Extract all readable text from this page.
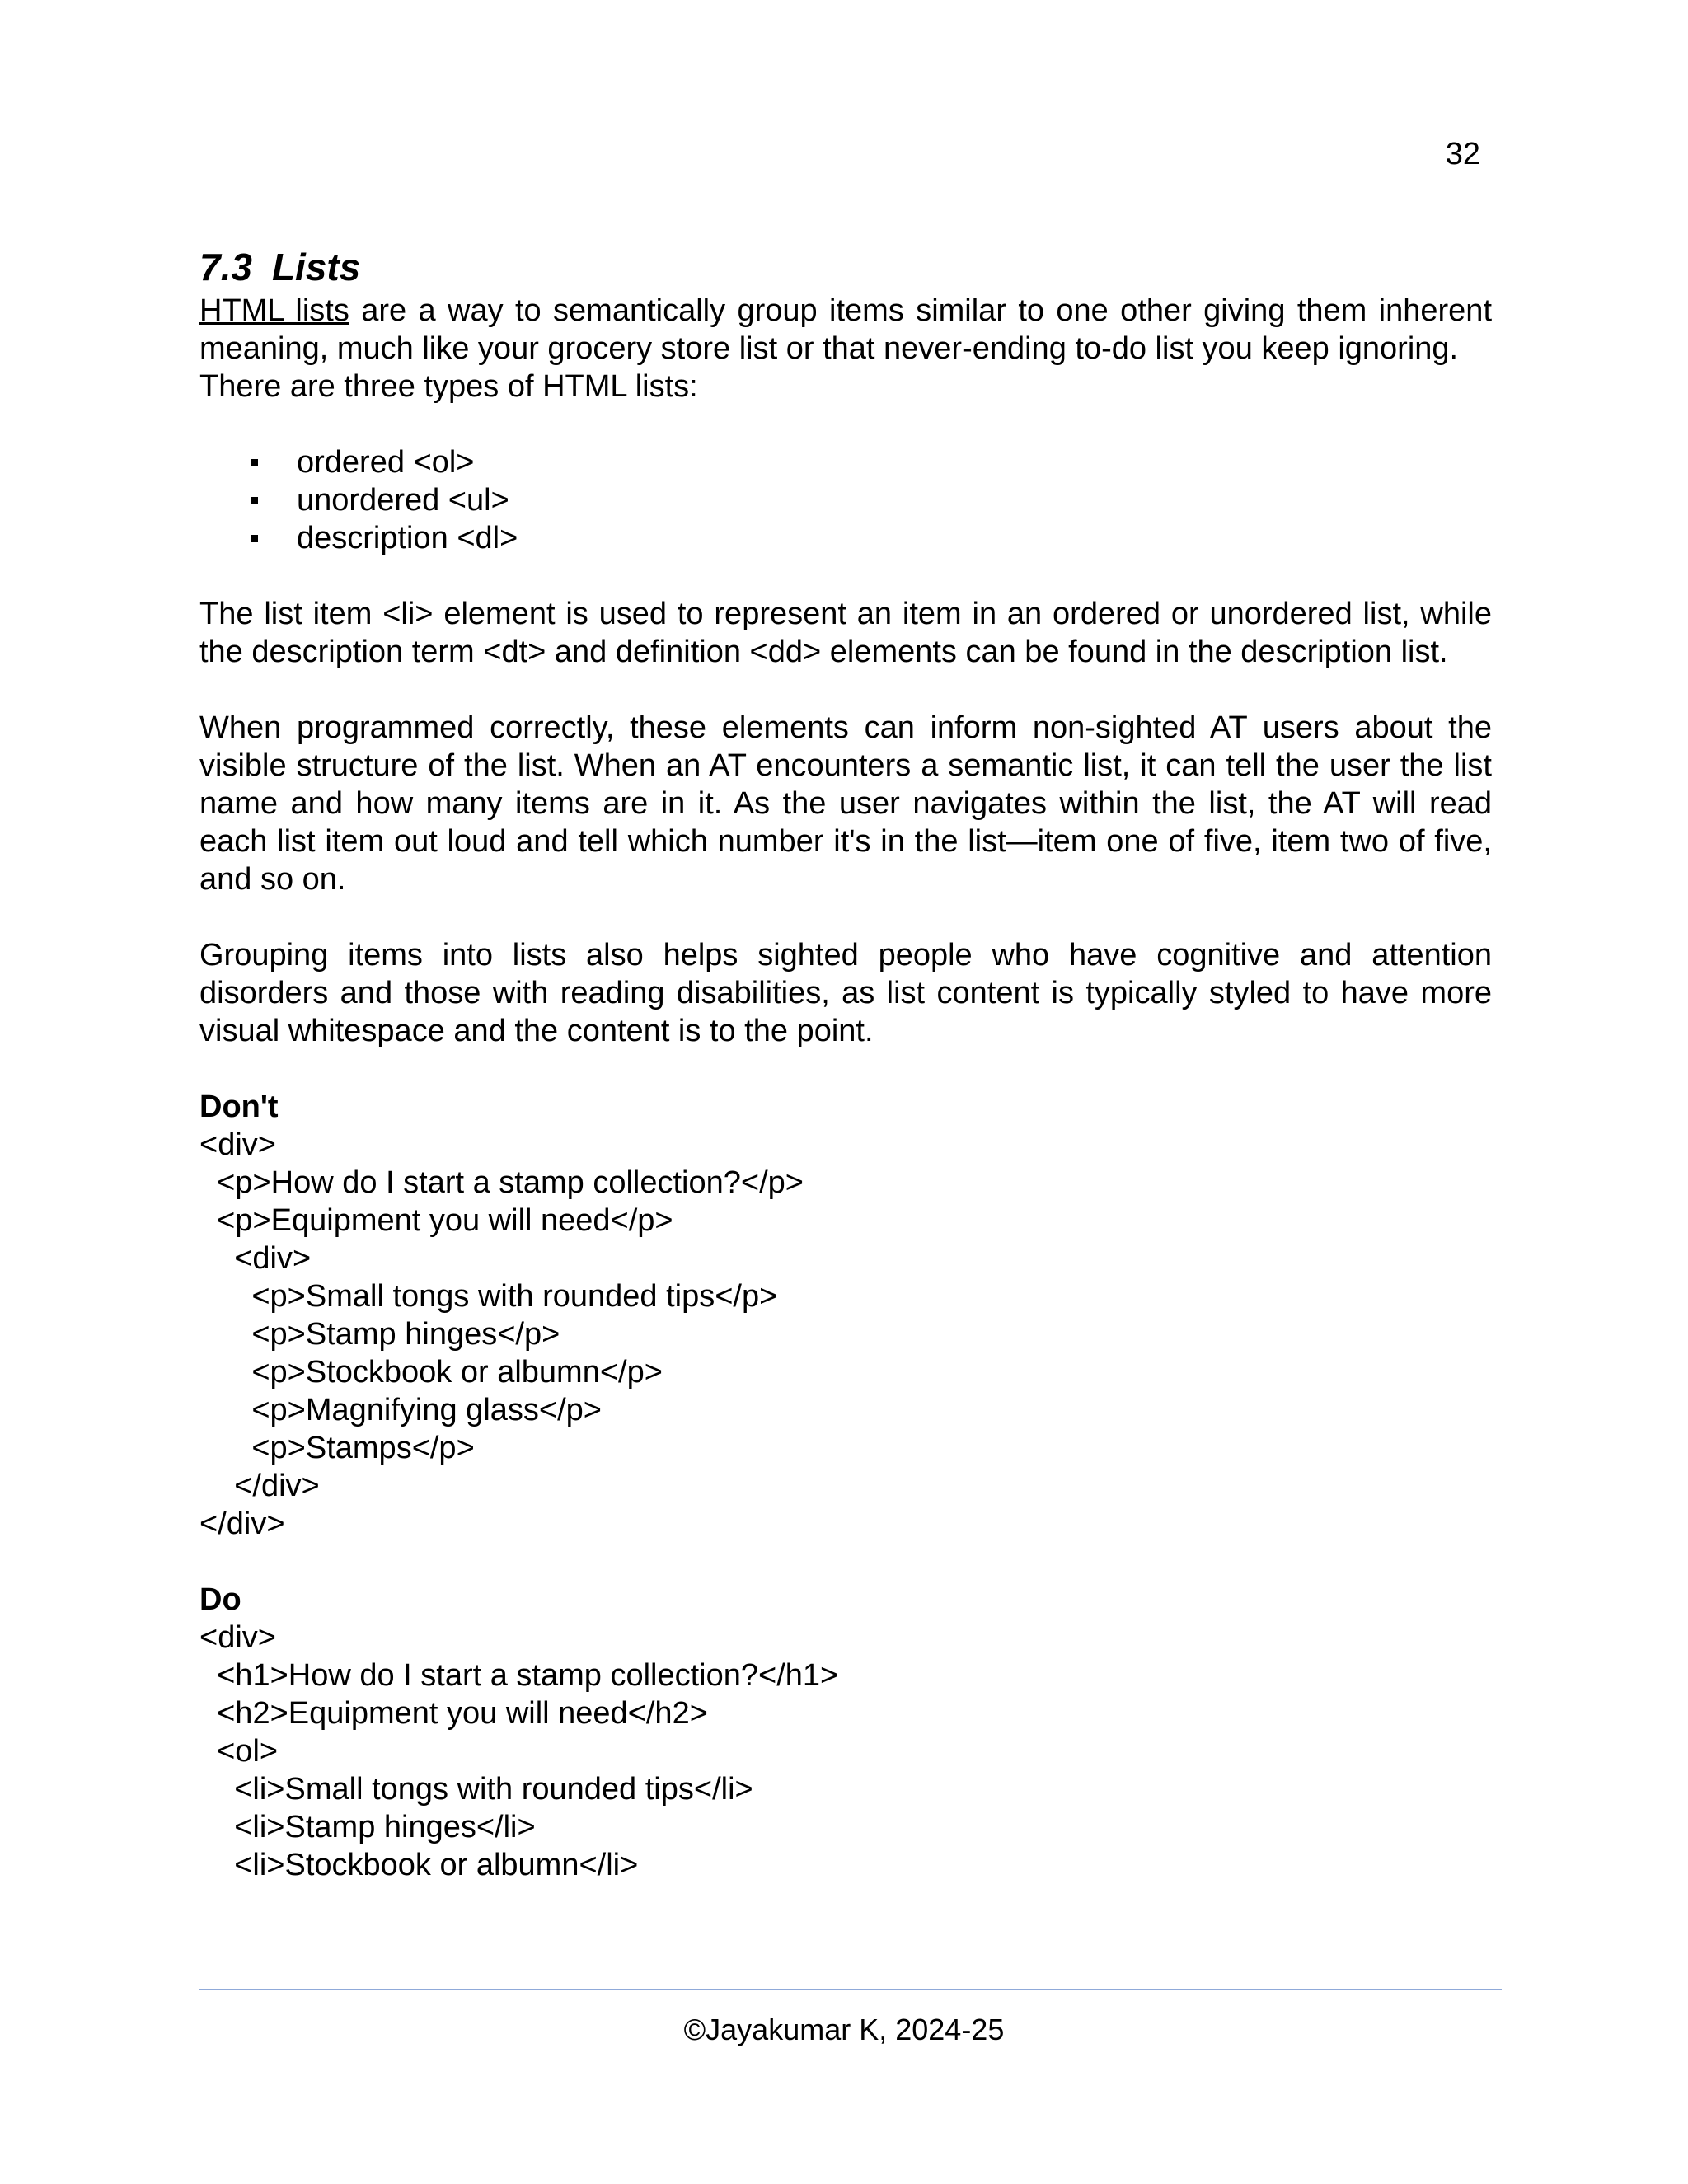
32
7.3 Lists

HTML lists are a way to semantically group items similar to one other giving them inherent meaning, much like your grocery store list or that never-ending to-do list you keep ignoring.

There are three types of HTML lists:

ordered <ol>
unordered <ul>
description <dl>

The list item <li> element is used to represent an item in an ordered or unordered list, while the description term <dt> and definition <dd> elements can be found in the description list.

When programmed correctly, these elements can inform non-sighted AT users about the visible structure of the list. When an AT encounters a semantic list, it can tell the user the list name and how many items are in it. As the user navigates within the list, the AT will read each list item out loud and tell which number it's in the list—item one of five, item two of five, and so on.

Grouping items into lists also helps sighted people who have cognitive and attention disorders and those with reading disabilities, as list content is typically styled to have more visual whitespace and the content is to the point.

Don't

<div>

<p>How do I start a stamp collection?</p>

<p>Equipment you will need</p>

<div>

<p>Small tongs with rounded tips</p>

<p>Stamp hinges</p>

<p>Stockbook or albumn</p>

<p>Magnifying glass</p>

<p>Stamps</p>

</div>

</div>

Do

<div>

<h1>How do I start a stamp collection?</h1>

<h2>Equipment you will need</h2>

<ol>

<li>Small tongs with rounded tips</li>

<li>Stamp hinges</li>

<li>Stockbook or albumn</li>

©Jayakumar K, 2024-25
